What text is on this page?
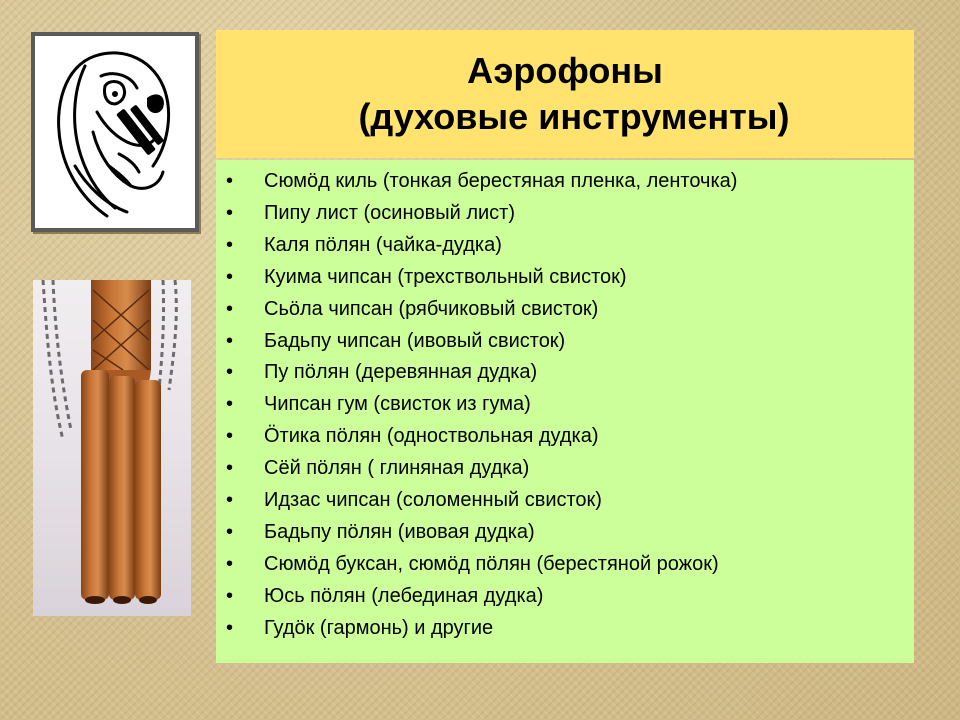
Аэрофоны
(духовые инструменты)
• Сюмӧд киль (тонкая берестяная пленка, ленточка)
• Пипу лист (осиновый лист)
• Каля пӧлян (чайка-дудка)
• Куима чипсан (трехствольный свисток)
• Сьӧла чипсан (рябчиковый свисток)
• Бадьпу чипсан (ивовый свисток)
• Пу пӧлян (деревянная дудка)
• Чипсан гум (свисток из гума)
• Ӧтика пӧлян (одноствольная дудка)
• Сёй пӧлян ( глиняная дудка)
• Идзас чипсан (соломенный свисток)
• Бадьпу пӧлян (ивовая дудка)
• Сюмӧд буксан, сюмӧд пӧлян (берестяной рожок)
• Юсь пӧлян (лебединая дудка)
• Гудӧк (гармонь) и другие
